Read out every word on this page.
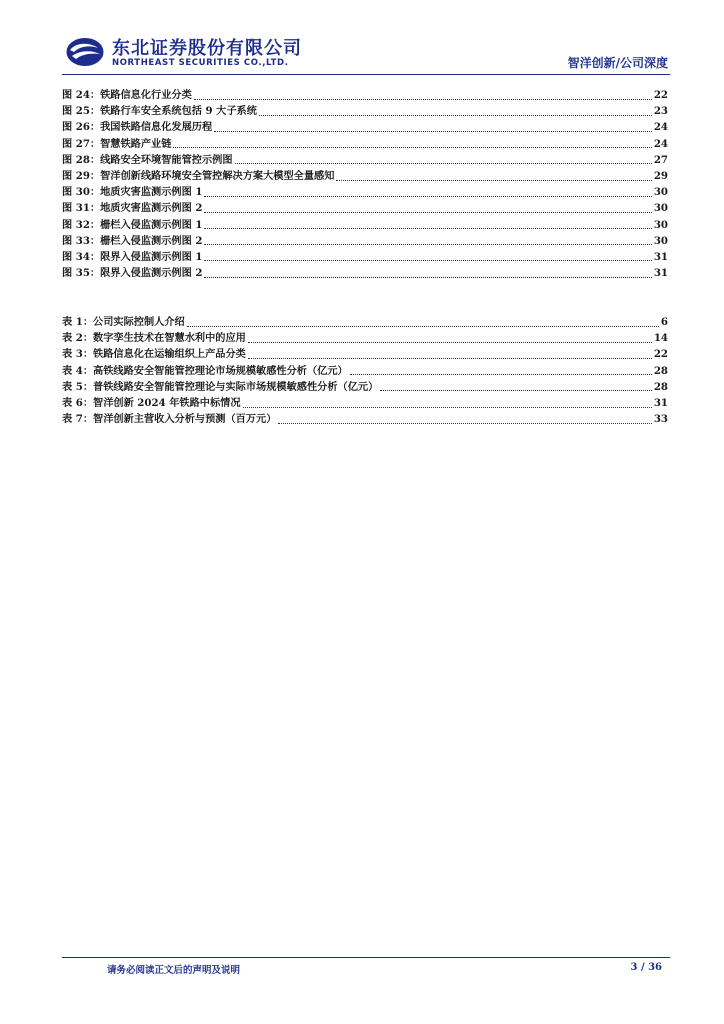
东北证券股份有限公司
NORTHEAST SECURITIES CO.,LTD.	智洋创新/公司深度
图 24：铁路信息化行业分类	22
图 25：铁路行车安全系统包括 9 大子系统	23
图 26：我国铁路信息化发展历程	24
图 27：智慧铁路产业链	24
图 28：线路安全环境智能管控示例图	27
图 29：智洋创新线路环境安全管控解决方案大模型全量感知	29
图 30：地质灾害监测示例图 1	30
图 31：地质灾害监测示例图 2	30
图 32：栅栏入侵监测示例图 1	30
图 33：栅栏入侵监测示例图 2	30
图 34：限界入侵监测示例图 1	31
图 35：限界入侵监测示例图 2	31
表 1：公司实际控制人介绍	6
表 2：数字孪生技术在智慧水利中的应用	14
表 3：铁路信息化在运输组织上产品分类	22
表 4：高铁线路安全智能管控理论市场规模敏感性分析（亿元）	28
表 5：普铁线路安全智能管控理论与实际市场规模敏感性分析（亿元）	28
表 6：智洋创新 2024 年铁路中标情况	31
表 7：智洋创新主营收入分析与预测（百万元）	33
请务必阅读正文后的声明及说明	3 / 36
